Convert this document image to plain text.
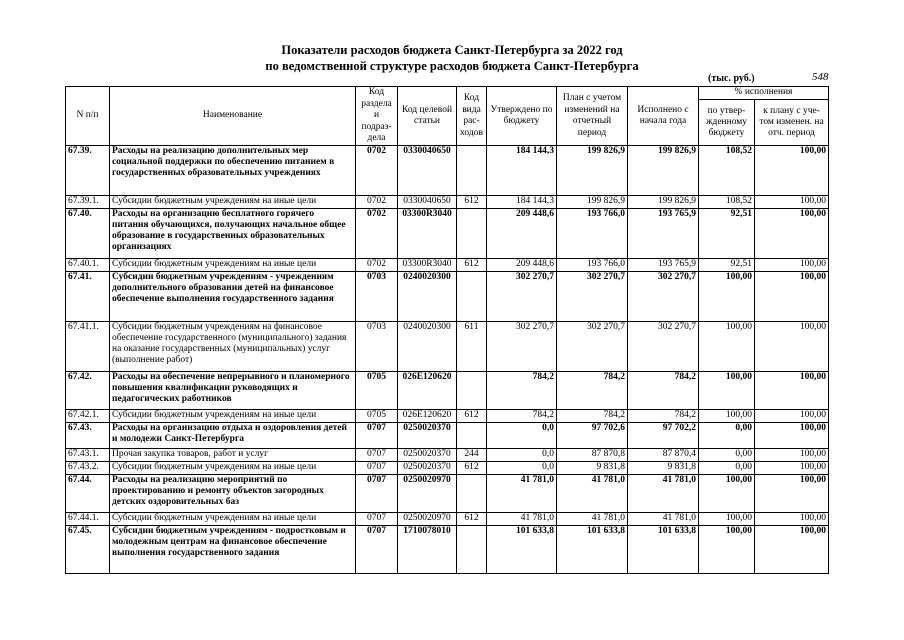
Показатели расходов бюджета Санкт-Петербурга за 2022 год
по ведомственной структуре расходов бюджета Санкт-Петербурга
(тыс. руб.)	548
N п/п	Наименование	Код раздела и подраз-дела	Код целевой статьи	Код вида рас-ходов	Утверждено по бюджету	План с учетом изменений на отчетный период	Исполнено с начала года	% исполнения	
								по утвер-жденному бюджету	к плану с уче-том изменен. на отч. период
67.39.	Расходы на реализацию дополнительных мер социальной поддержки по обеспечению питанием в государственных образовательных учреждениях	0702	0330040650		184 144,3	199 826,9	199 826,9	108,52	100,00
67.39.1.	Субсидии бюджетным учреждениям на иные цели	0702	0330040650	612	184 144,3	199 826,9	199 826,9	108,52	100,00
67.40.	Расходы на организацию бесплатного горячего питания обучающихся, получающих начальное общее образование в государственных образовательных организациях	0702	03300R3040		209 448,6	193 766,0	193 765,9	92,51	100,00
67.40.1.	Субсидии бюджетным учреждениям на иные цели	0702	03300R3040	612	209 448,6	193 766,0	193 765,9	92,51	100,00
67.41.	Субсидии бюджетным учреждениям - учреждениям дополнительного образования детей на финансовое обеспечение выполнения государственного задания	0703	0240020300		302 270,7	302 270,7	302 270,7	100,00	100,00
67.41.1.	Субсидии бюджетным учреждениям на финансовое обеспечение государственного (муниципального) задания на оказание государственных (муниципальных) услуг (выполнение работ)	0703	0240020300	611	302 270,7	302 270,7	302 270,7	100,00	100,00
67.42.	Расходы на обеспечение непрерывного и планомерного повышения квалификации руководящих и педагогических работников	0705	026E120620		784,2	784,2	784,2	100,00	100,00
67.42.1.	Субсидии бюджетным учреждениям на иные цели	0705	026E120620	612	784,2	784,2	784,2	100,00	100,00
67.43.	Расходы на организацию отдыха и оздоровления детей и молодежи Санкт-Петербурга	0707	0250020370		0,0	97 702,6	97 702,2	0,00	100,00
67.43.1.	Прочая закупка товаров, работ и услуг	0707	0250020370	244	0,0	87 870,8	87 870,4	0,00	100,00
67.43.2.	Субсидии бюджетным учреждениям на иные цели	0707	0250020370	612	0,0	9 831,8	9 831,8	0,00	100,00
67.44.	Расходы на реализацию мероприятий по проектированию и ремонту объектов загородных детских оздоровительных баз	0707	0250020970		41 781,0	41 781,0	41 781,0	100,00	100,00
67.44.1.	Субсидии бюджетным учреждениям на иные цели	0707	0250020970	612	41 781,0	41 781,0	41 781,0	100,00	100,00
67.45.	Субсидии бюджетным учреждениям - подростковым и молодежным центрам на финансовое обеспечение выполнения государственного задания	0707	1710078010		101 633,8	101 633,8	101 633,8	100,00	100,00
